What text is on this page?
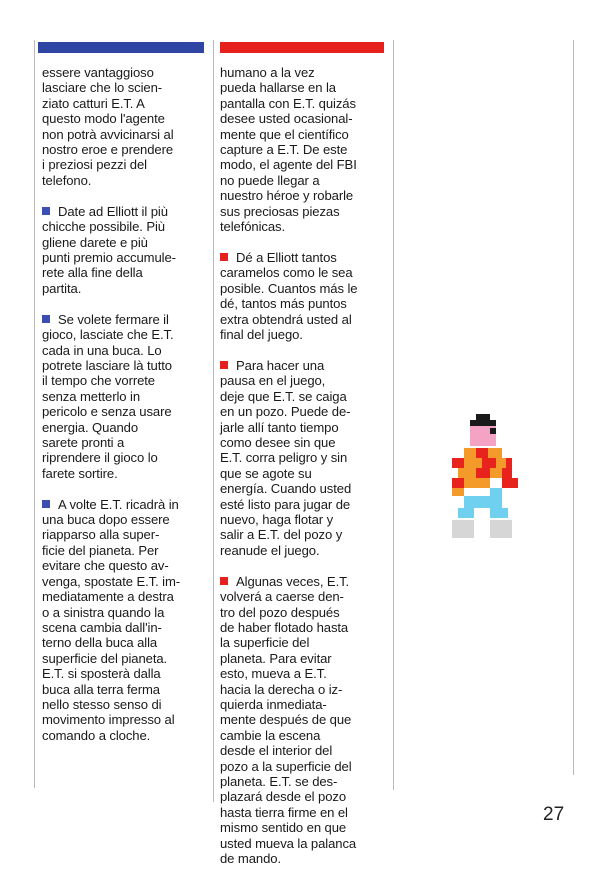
essere vantaggioso
lasciare che lo scien-
ziato catturi E.T. A
questo modo l'agente
non potrà avvicinarsi al
nostro eroe e prendere
i preziosi pezzi del
telefono.

Date ad Elliott il più
chicche possibile. Più
gliene darete e più
punti premio accumule-
rete alla fine della
partita.

Se volete fermare il
gioco, lasciate che E.T.
cada in una buca. Lo
potrete lasciare là tutto
il tempo che vorrete
senza metterlo in
pericolo e senza usare
energia. Quando
sarete pronti a
riprendere il gioco lo
farete sortire.

A volte E.T. ricadrà in
una buca dopo essere
riapparso alla super-
ficie del pianeta. Per
evitare che questo av-
venga, spostate E.T. im-
mediatamente a destra
o a sinistra quando la
scena cambia dall'in-
terno della buca alla
superficie del pianeta.
E.T. si sposterà dalla
buca alla terra ferma
nello stesso senso di
movimento impresso al
comando a cloche.

humano a la vez
pueda hallarse en la
pantalla con E.T. quizás
desee usted ocasional-
mente que el científico
capture a E.T. De este
modo, el agente del FBI
no puede llegar a
nuestro héroe y robarle
sus preciosas piezas
telefónicas.

Dé a Elliott tantos
caramelos como le sea
posible. Cuantos más le
dé, tantos más puntos
extra obtendrá usted al
final del juego.

Para hacer una
pausa en el juego,
deje que E.T. se caiga
en un pozo. Puede de-
jarle allí tanto tiempo
como desee sin que
E.T. corra peligro y sin
que se agote su
energía. Cuando usted
esté listo para jugar de
nuevo, haga flotar y
salir a E.T. del pozo y
reanude el juego.

Algunas veces, E.T.
volverá a caerse den-
tro del pozo después
de haber flotado hasta
la superficie del
planeta. Para evitar
esto, mueva a E.T.
hacia la derecha o iz-
quierda inmediata-
mente después de que
cambie la escena
desde el interior del
pozo a la superficie del
planeta. E.T. se des-
plazará desde el pozo
hasta tierra firme en el
mismo sentido en que
usted mueva la palanca
de mando.

27
